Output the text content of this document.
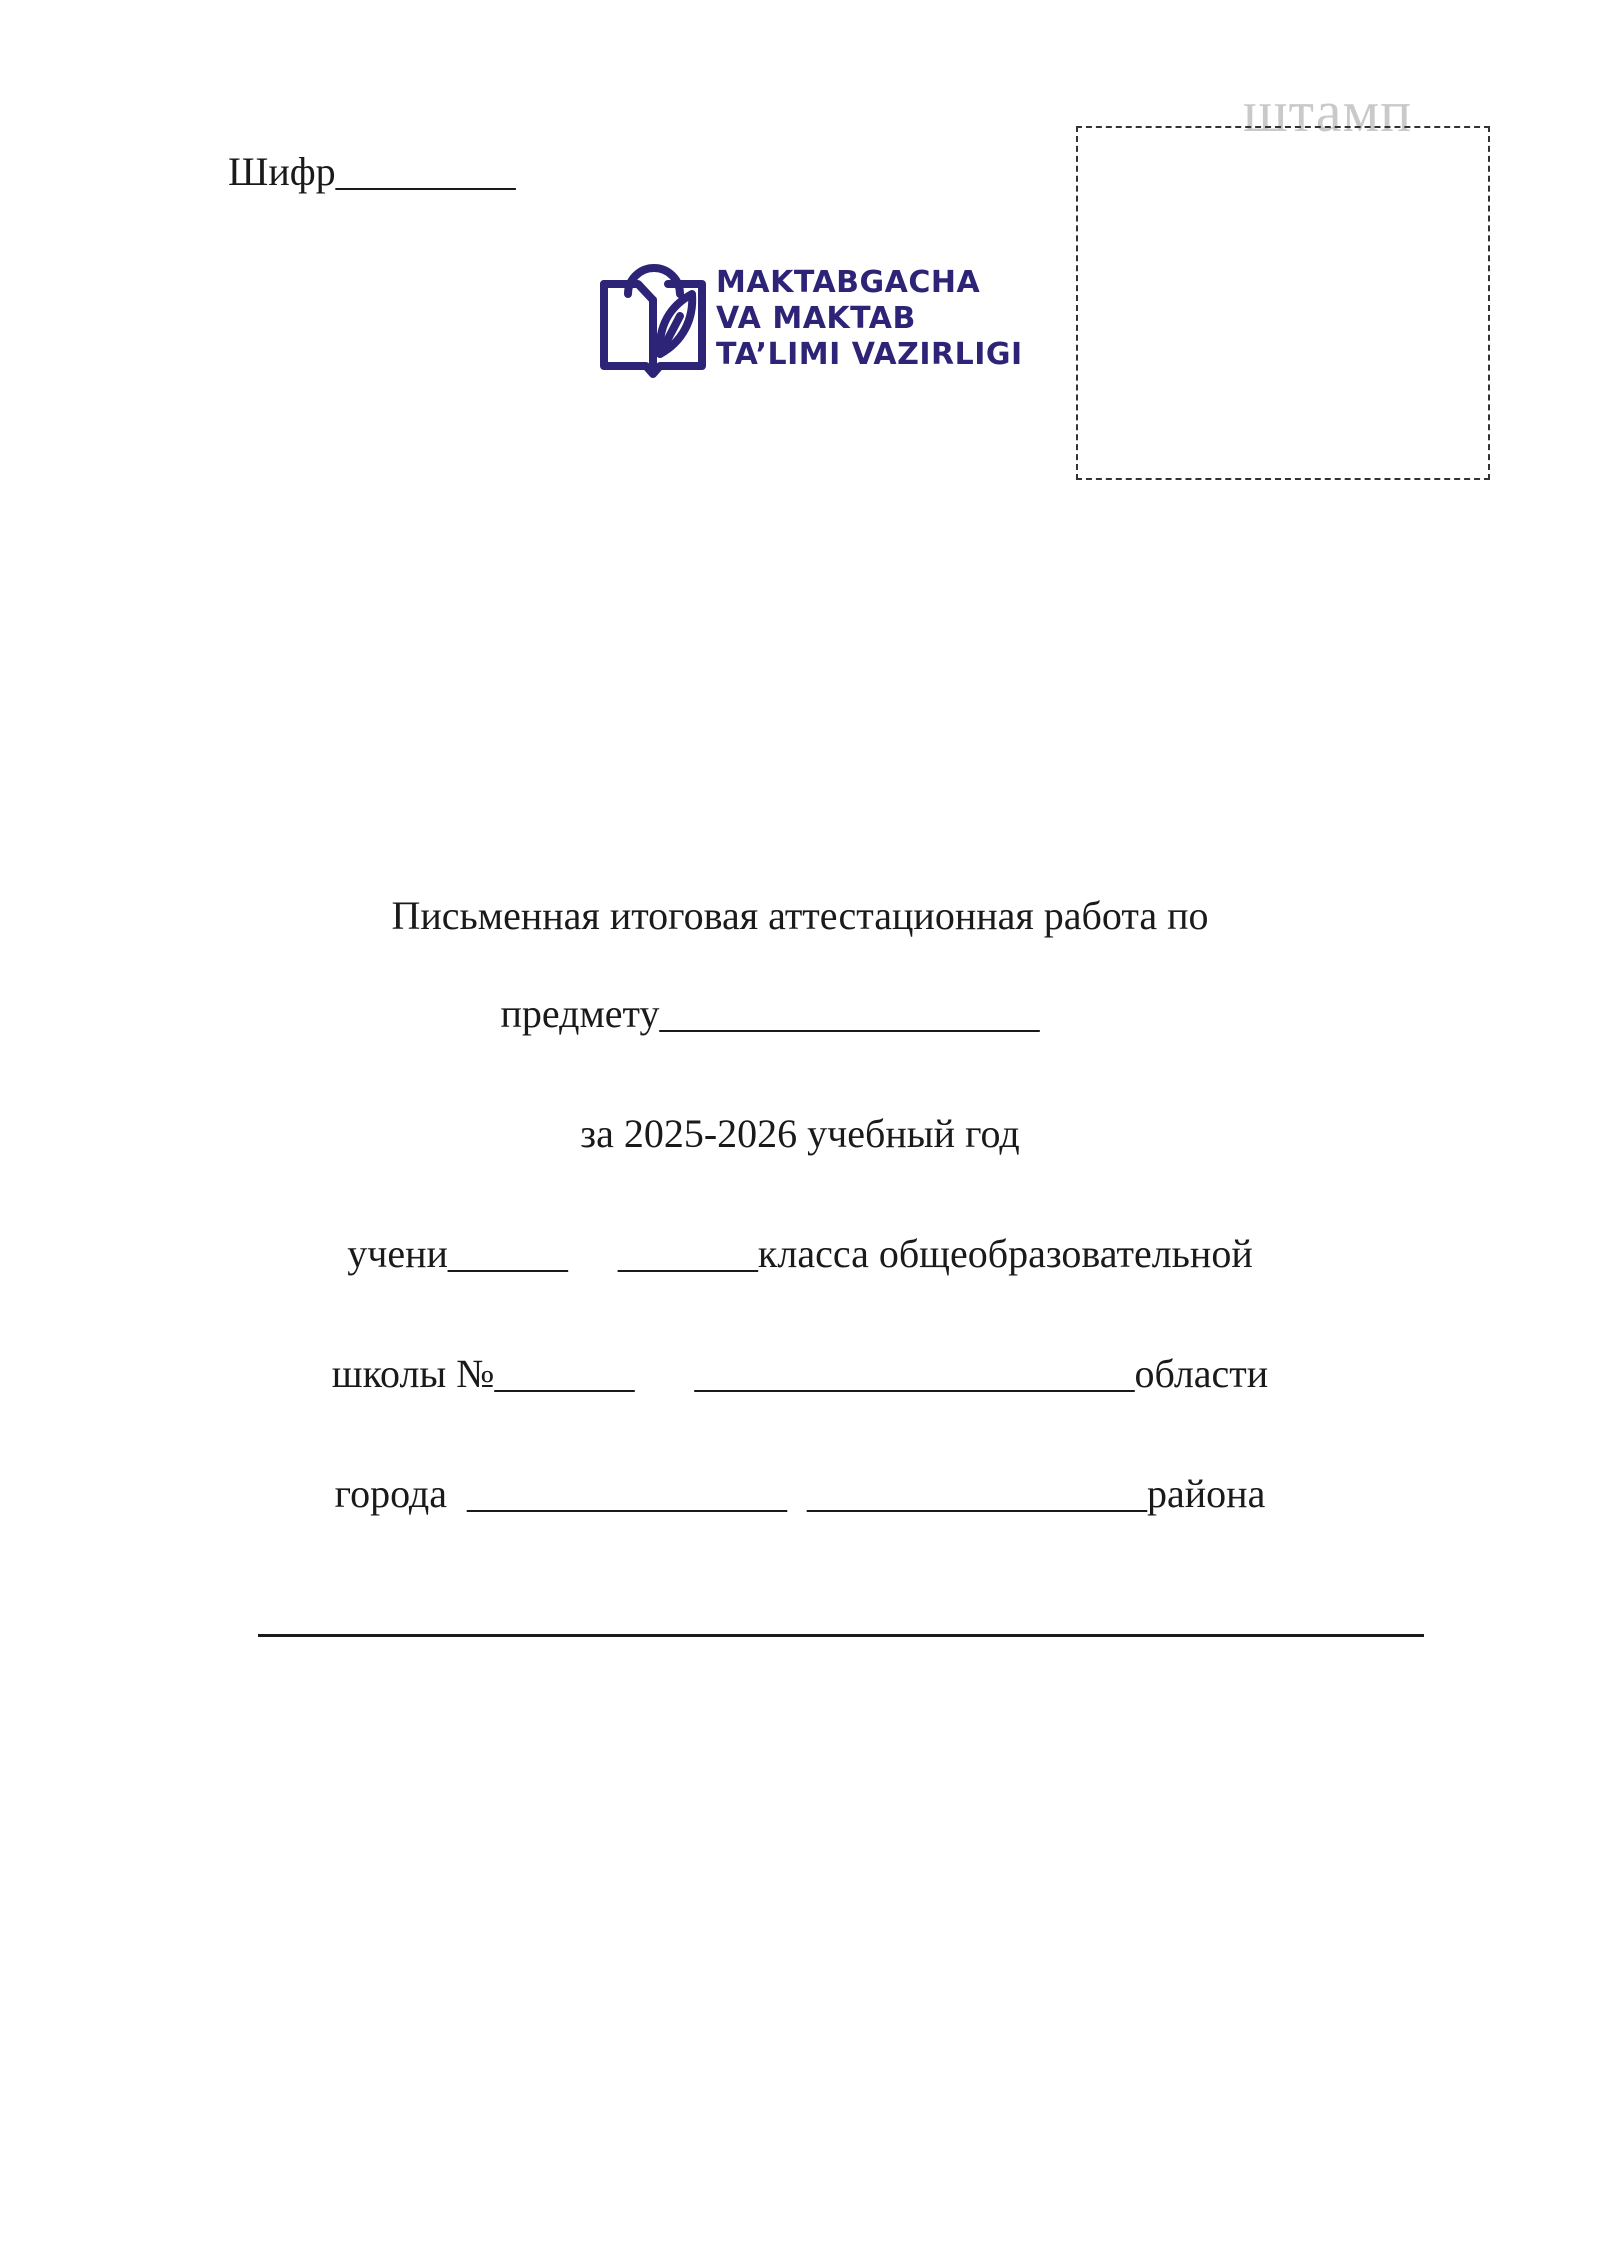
штамп
Шифр_________
MAKTABGACHA
VA MAKTAB
TA’LIMI VAZIRLIGI
Письменная итоговая аттестационная работа по
предмету___________________
за 2025-2026 учебный год
учени______     _______класса общеобразовательной
школы №_______      ______________________области
города  ________________  _________________района
